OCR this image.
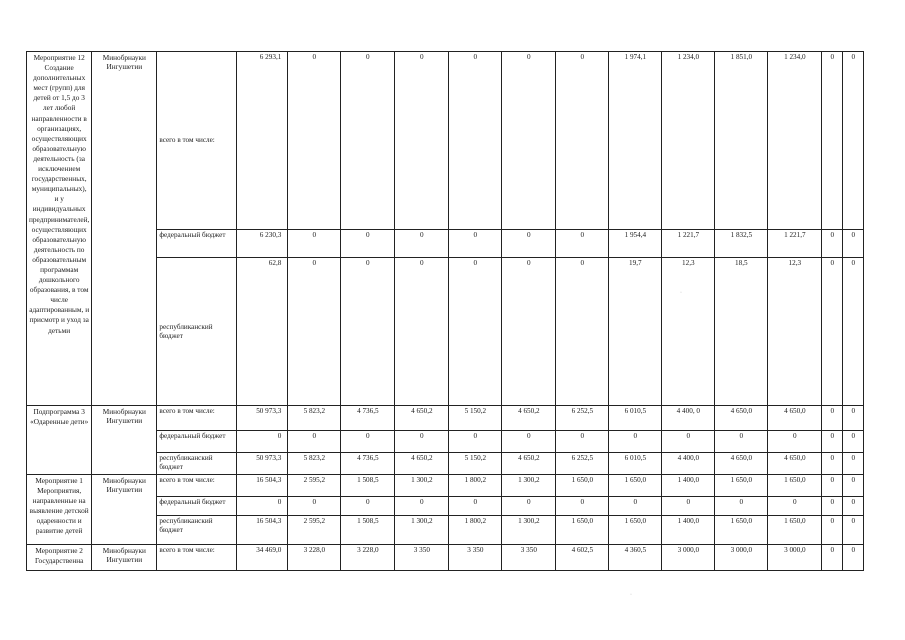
Мероприятие 12 Создание дополнительных мест (групп) для детей от 1,5 до 3 лет любой направленности в организациях, осуществляющих образовательную деятельность (за исключением государственных, муниципальных), и у индивидуальных предпринимателей, осуществляющих образовательную деятельность по образовательным программам дошкольного образования, в том числе адаптированным, и присмотр и уход за детьми	Минобрнауки Ингушетии	всего в том числе:	6 293,1	0	0	0	0	0	0	1 974,1	1 234,0	1 851,0	1 234,0	0	0
		федеральный бюджет	6 230,3	0	0	0	0	0	0	1 954,4	1 221,7	1 832,5	1 221,7	0	0
		республиканский бюджет	62,8	0	0	0	0	0	0	19,7	12,3	18,5	12,3	0	0
Подпрограмма 3 «Одаренные дети»	Минобрнауки Ингушетии	всего в том числе:	50 973,3	5 823,2	4 736,5	4 650,2	5 150,2	4 650,2	6 252,5	6 010,5	4 400, 0	4 650,0	4 650,0	0	0
		федеральный бюджет	0	0	0	0	0	0	0	0	0	0	0	0	0
		республиканский бюджет	50 973,3	5 823,2	4 736,5	4 650,2	5 150,2	4 650,2	6 252,5	6 010,5	4 400,0	4 650,0	4 650,0	0	0
Мероприятие 1 Мероприятия, направленные на выявление детской одаренности и развитие детей	Минобрнауки Ингушетии	всего в том числе:	16 504,3	2 595,2	1 508,5	1 300,2	1 800,2	1 300,2	1 650,0	1 650,0	1 400,0	1 650,0	1 650,0	0	0
		федеральный бюджет	0	0	0	0	0	0	0	0	0	0	0	0	0
		республиканский бюджет	16 504,3	2 595,2	1 508,5	1 300,2	1 800,2	1 300,2	1 650,0	1 650,0	1 400,0	1 650,0	1 650,0	0	0
Мероприятие 2 Государственна	Минобрнауки Ингушетии	всего в том числе:	34 469,0	3 228,0	3 228,0	3 350	3 350	3 350	4 602,5	4 360,5	3 000,0	3 000,0	3 000,0	0	0
·
·
